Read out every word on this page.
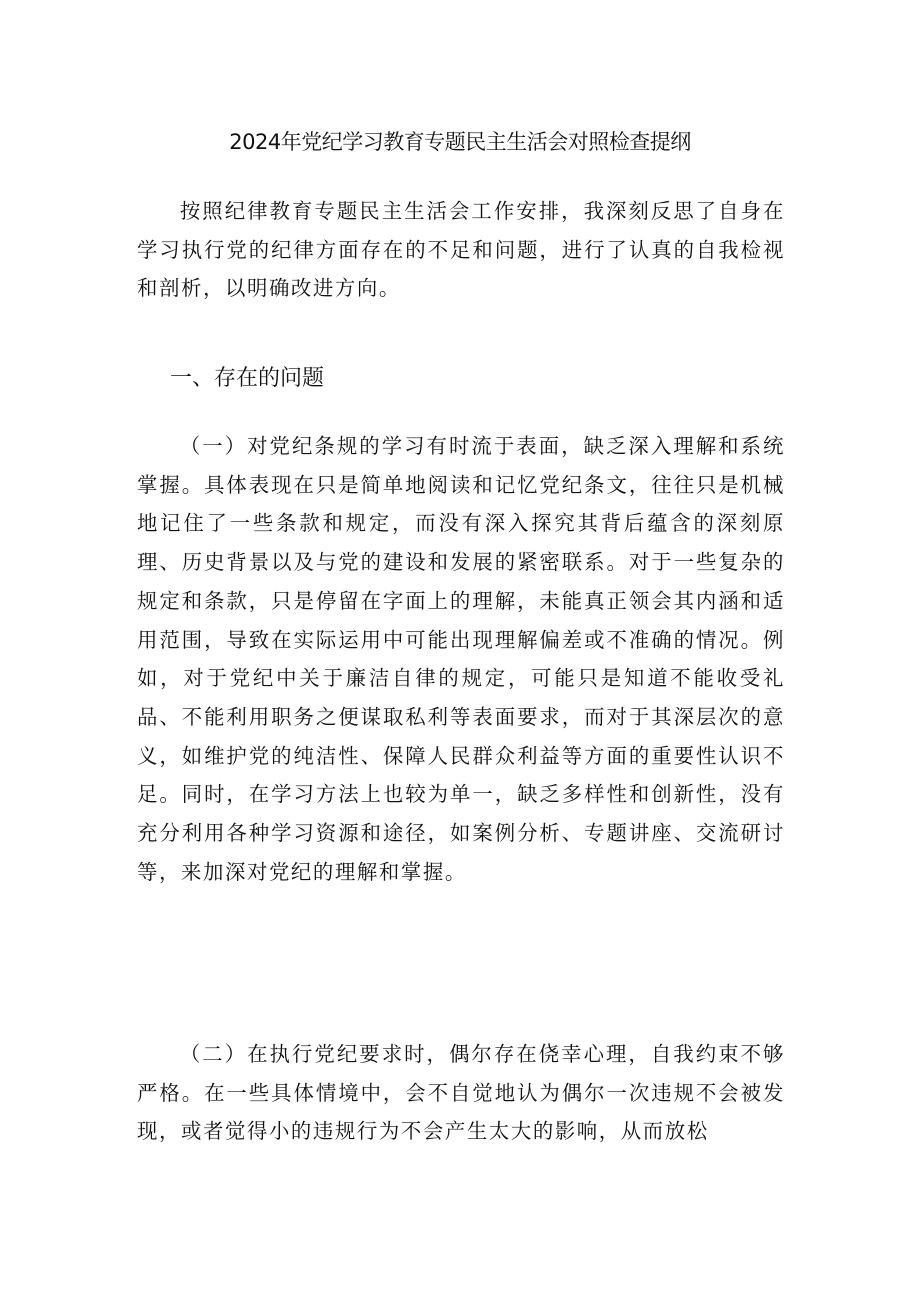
2024年党纪学习教育专题民主生活会对照检查提纲

按照纪律教育专题民主生活会工作安排，我深刻反思了自身在学习执行党的纪律方面存在的不足和问题，进行了认真的自我检视和剖析，以明确改进方向。

一、存在的问题

（一）对党纪条规的学习有时流于表面，缺乏深入理解和系统掌握。具体表现在只是简单地阅读和记忆党纪条文，往往只是机械地记住了一些条款和规定，而没有深入探究其背后蕴含的深刻原理、历史背景以及与党的建设和发展的紧密联系。对于一些复杂的规定和条款，只是停留在字面上的理解，未能真正领会其内涵和适用范围，导致在实际运用中可能出现理解偏差或不准确的情况。例如，对于党纪中关于廉洁自律的规定，可能只是知道不能收受礼品、不能利用职务之便谋取私利等表面要求，而对于其深层次的意义，如维护党的纯洁性、保障人民群众利益等方面的重要性认识不足。同时，在学习方法上也较为单一，缺乏多样性和创新性，没有充分利用各种学习资源和途径，如案例分析、专题讲座、交流研讨等，来加深对党纪的理解和掌握。

（二）在执行党纪要求时，偶尔存在侥幸心理，自我约束不够严格。在一些具体情境中，会不自觉地认为偶尔一次违规不会被发现，或者觉得小的违规行为不会产生太大的影响，从而放松
